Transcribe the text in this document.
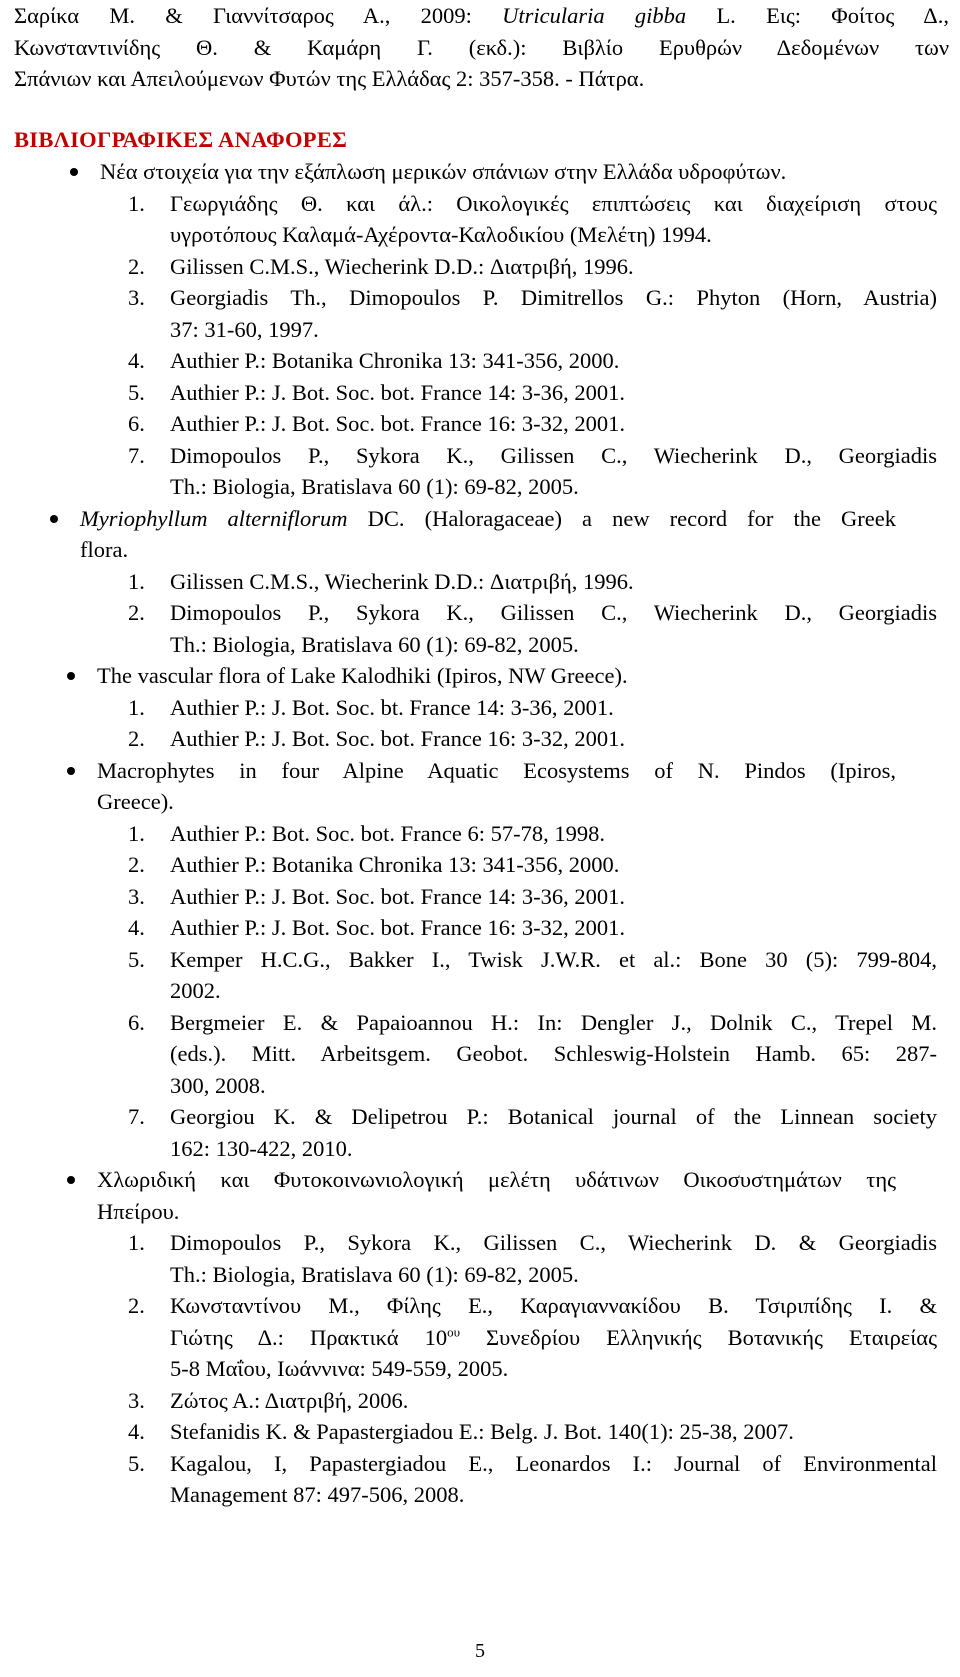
Σαρίκα Μ. & Γιαννίτσαρος Α., 2009: Utricularia gibba L. Εις: Φοίτος Δ.,
Κωνσταντινίδης Θ. & Καμάρη Γ. (εκδ.): Βιβλίο Ερυθρών Δεδομένων των
Σπάνιων και Απειλούμενων Φυτών της Ελλάδας 2: 357-358. - Πάτρα.
ΒΙΒΛΙΟΓΡΑΦΙΚΕΣ ΑΝΑΦΟΡΕΣ
Νέα στοιχεία για την εξάπλωση μερικών σπάνιων στην Ελλάδα υδροφύτων.
1. Γεωργιάδης Θ. και άλ.: Οικολογικές επιπτώσεις και διαχείριση στους
υγροτόπους Καλαμά-Αχέροντα-Καλοδικίου (Μελέτη) 1994.
2. Gilissen C.M.S., Wiecherink D.D.: Διατριβή, 1996.
3. Georgiadis Th., Dimopoulos P. Dimitrellos G.: Phyton (Horn, Austria)
37: 31-60, 1997.
4. Authier P.: Botanika Chronika 13: 341-356, 2000.
5. Authier P.: J. Bot. Soc. bot. France 14: 3-36, 2001.
6. Authier P.: J. Bot. Soc. bot. France 16: 3-32, 2001.
7. Dimopoulos P., Sykora K., Gilissen C., Wiecherink D., Georgiadis
Th.: Biologia, Bratislava 60 (1): 69-82, 2005.
Myriophyllum alterniflorum DC. (Haloragaceae) a new record for the Greek
flora.
1. Gilissen C.M.S., Wiecherink D.D.: Διατριβή, 1996.
2. Dimopoulos P., Sykora K., Gilissen C., Wiecherink D., Georgiadis
Th.: Biologia, Bratislava 60 (1): 69-82, 2005.
The vascular flora of Lake Kalodhiki (Ipiros, NW Greece).
1. Authier P.: J. Bot. Soc. bt. France 14: 3-36, 2001.
2. Authier P.: J. Bot. Soc. bot. France 16: 3-32, 2001.
Macrophytes in four Alpine Aquatic Ecosystems of N. Pindos (Ipiros,
Greece).
1. Authier P.: Bot. Soc. bot. France 6: 57-78, 1998.
2. Authier P.: Botanika Chronika 13: 341-356, 2000.
3. Authier P.: J. Bot. Soc. bot. France 14: 3-36, 2001.
4. Authier P.: J. Bot. Soc. bot. France 16: 3-32, 2001.
5. Kemper H.C.G., Bakker I., Twisk J.W.R. et al.: Bone 30 (5): 799-804,
2002.
6. Bergmeier E. & Papaioannou H.: In: Dengler J., Dolnik C., Trepel M.
(eds.). Mitt. Arbeitsgem. Geobot. Schleswig-Holstein Hamb. 65: 287-
300, 2008.
7. Georgiou K. & Delipetrou P.: Botanical journal of the Linnean society
162: 130-422, 2010.
Χλωριδική και Φυτοκοινωνιολογική μελέτη υδάτινων Οικοσυστημάτων της
Ηπείρου.
1. Dimopoulos P., Sykora K., Gilissen C., Wiecherink D. & Georgiadis
Th.: Biologia, Bratislava 60 (1): 69-82, 2005.
2. Κωνσταντίνου Μ., Φίλης Ε., Καραγιαννακίδου Β. Τσιριπίδης Ι. &
Γιώτης Δ.: Πρακτικά $10^{o\upsilon}$ Συνεδρίου Ελληνικής Βοτανικής Εταιρείας
5-8 Μαΐου, Ιωάννινα: 549-559, 2005.
3. Ζώτος Α.: Διατριβή, 2006.
4. Stefanidis K. & Papastergiadou E.: Belg. J. Bot. 140(1): 25-38, 2007.
5. Kagalou, I, Papastergiadou E., Leonardos I.: Journal of Environmental
Management 87: 497-506, 2008.
5
